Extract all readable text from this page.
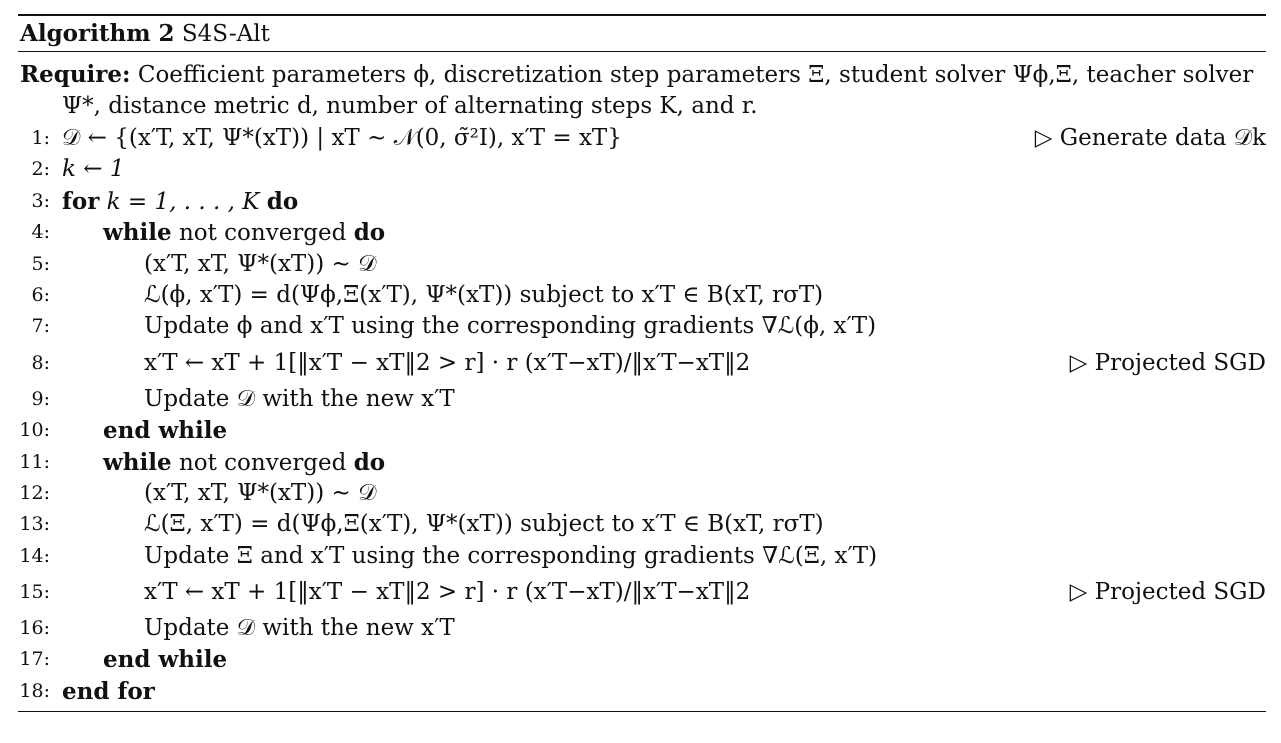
Algorithm 2 S4S-Alt
Require: Coefficient parameters ϕ, discretization step parameters Ξ, student solver Ψϕ,Ξ, teacher solver
Ψ*, distance metric d, number of alternating steps K, and r.
1: 𝒟 ← {(x′T, xT, Ψ*(xT)) | xT ∼ 𝒩(0, σ̃²I), x′T = xT}	▷ Generate data 𝒟k
2: k ← 1
3: for k = 1, . . . , K do
4: while not converged do
5:	(x′T, xT, Ψ*(xT)) ∼ 𝒟
6:	ℒ(ϕ, x′T) = d(Ψϕ,Ξ(x′T), Ψ*(xT)) subject to x′T ∈ B(xT, rσT)
7:	Update ϕ and x′T using the corresponding gradients ∇ℒ(ϕ, x′T)
8:	x′T ← xT + 1[‖x′T − xT‖2 > r] · r (x′T−xT)/‖x′T−xT‖2	▷ Projected SGD
9:	Update 𝒟 with the new x′T
10: end while
11: while not converged do
12:	(x′T, xT, Ψ*(xT)) ∼ 𝒟
13:	ℒ(Ξ, x′T) = d(Ψϕ,Ξ(x′T), Ψ*(xT)) subject to x′T ∈ B(xT, rσT)
14:	Update Ξ and x′T using the corresponding gradients ∇ℒ(Ξ, x′T)
15:	x′T ← xT + 1[‖x′T − xT‖2 > r] · r (x′T−xT)/‖x′T−xT‖2	▷ Projected SGD
16:	Update 𝒟 with the new x′T
17: end while
18: end for
